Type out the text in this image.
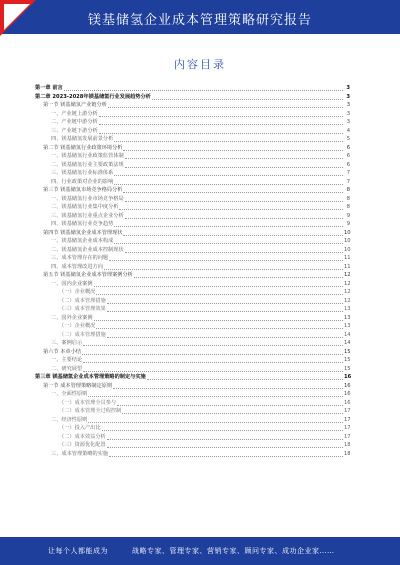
镁基储氢企业成本管理策略研究报告
内容目录
第一章 前言	3
第二章 2023-2028年镁基储氢行业发展趋势分析	3
第一节 镁基储氢产业链分析	3
一、产业链上游分析	3
二、产业链中游分析	3
三、产业链下游分析	4
四、镁基储氢发展前景分析	5
第二节 镁基储氢行业政策环境分析	6
一、镁基储氢行业政策监管体制	6
二、镁基储氢行业主要政策法规	6
三、镁基储氢行业标准体系	7
四、行业政策对企业的影响	7
第三节 镁基储氢市场竞争格局分析	8
一、镁基储氢行业市场竞争格局	8
二、镁基储氢行业集中度分析	8
三、镁基储氢行业重点企业分析	9
四、镁基储氢行业竞争趋势	9
第四节 镁基储氢企业成本管理现状	10
一、镁基储氢企业成本构成	10
二、镁基储氢企业成本控制现状	10
三、成本管理存在的问题	11
四、成本管理改进方向	11
第五节 镁基储氢企业成本管理案例分析	12
一、国内企业案例	12
（一）企业概况	12
（二）成本管理措施	12
（三）成本管理效果	13
二、国外企业案例	13
（一）企业概况	13
（二）成本管理措施	14
三、案例启示	14
第六节 本章小结	15
一、主要结论	15
二、研究展望	15
第三章 镁基储氢企业成本管理策略的制定与实施	16
第一节 成本管理策略制定原则	16
一、全面性原则	16
（一）成本管理全员参与	16
（二）成本管理全过程控制	17
二、经济性原则	17
（一）投入产出比	17
（二）成本效益分析	17
（三）资源优化配置	18
三、成本管理策略的实施	18
让每个人都能成为	战略专家、管理专家、营销专家、顾问专家、成功企业家……
